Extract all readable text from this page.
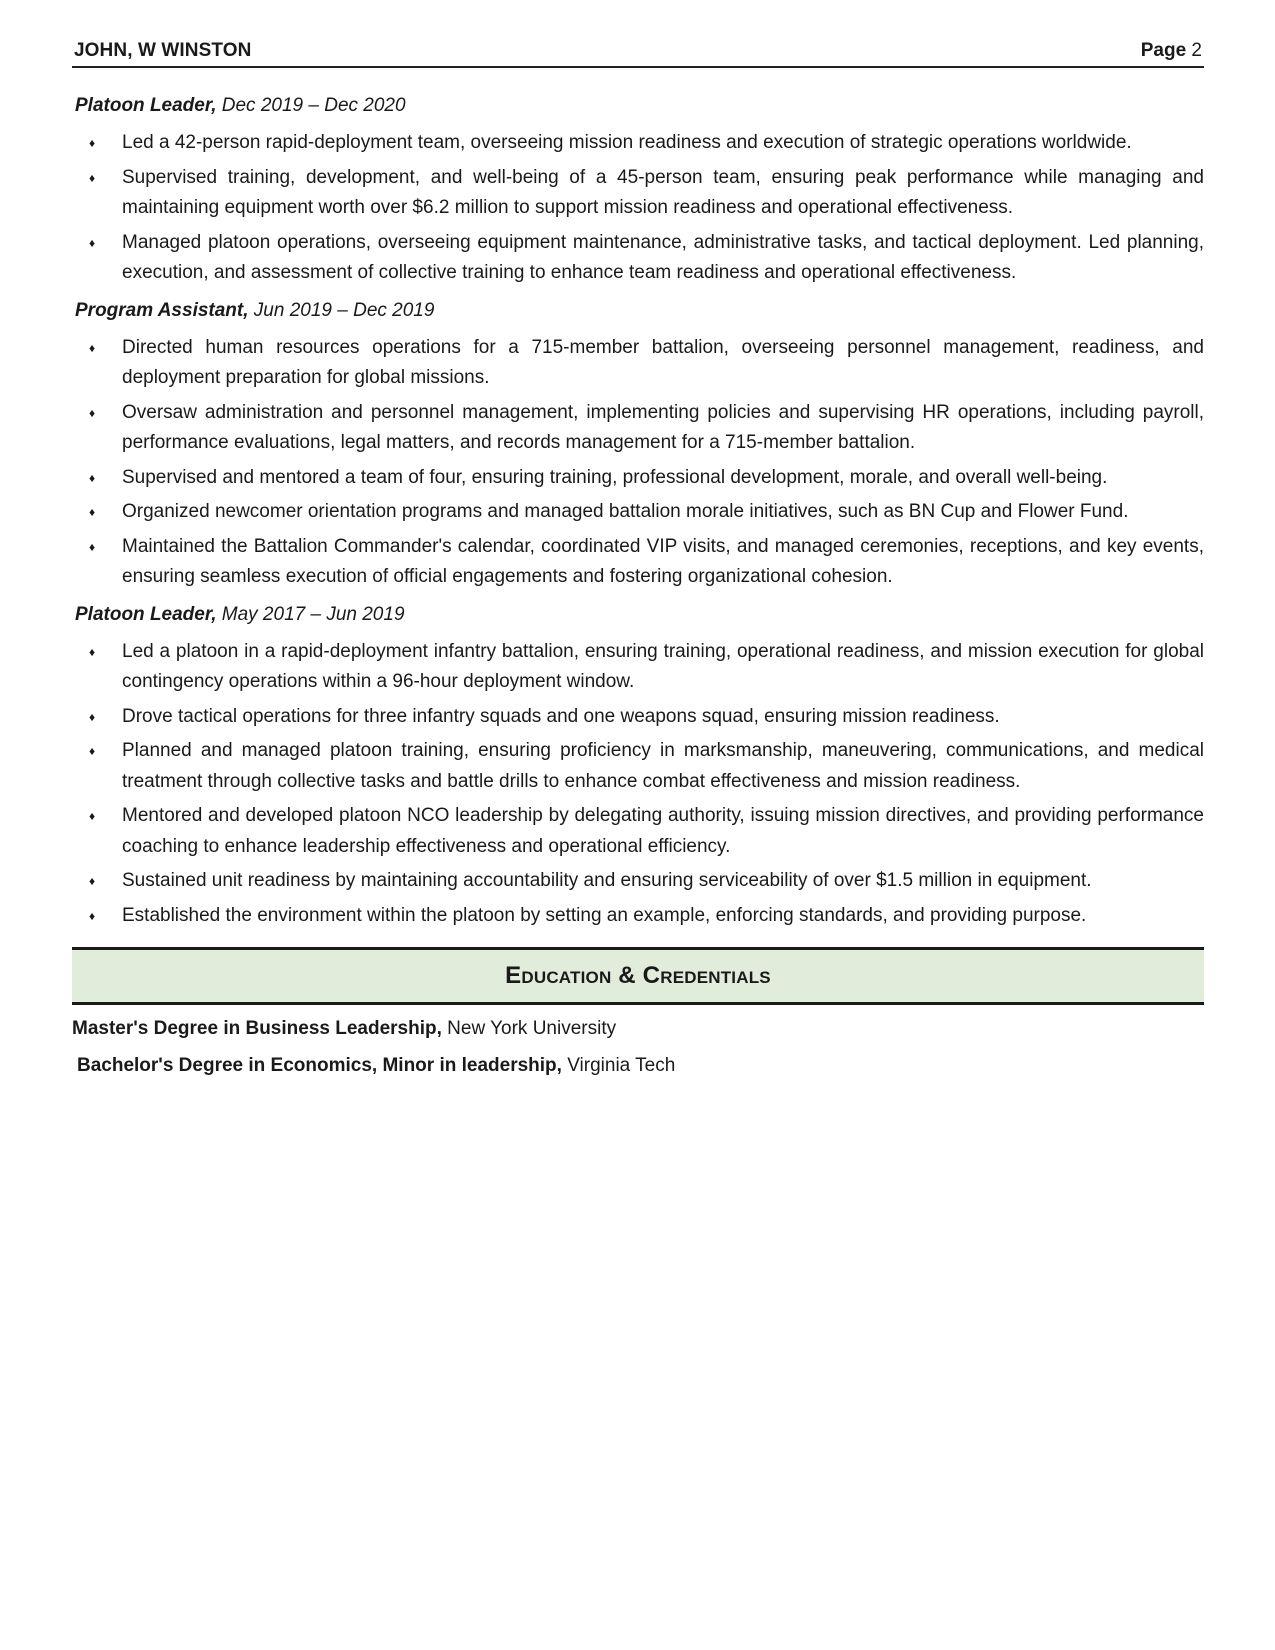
JOHN, W WINSTON	Page 2
Platoon Leader, Dec 2019 – Dec 2020
♦ Led a 42-person rapid-deployment team, overseeing mission readiness and execution of strategic operations worldwide.
♦ Supervised training, development, and well-being of a 45-person team, ensuring peak performance while managing and maintaining equipment worth over $6.2 million to support mission readiness and operational effectiveness.
♦ Managed platoon operations, overseeing equipment maintenance, administrative tasks, and tactical deployment. Led planning, execution, and assessment of collective training to enhance team readiness and operational effectiveness.
Program Assistant, Jun 2019 – Dec 2019
♦ Directed human resources operations for a 715-member battalion, overseeing personnel management, readiness, and deployment preparation for global missions.
♦ Oversaw administration and personnel management, implementing policies and supervising HR operations, including payroll, performance evaluations, legal matters, and records management for a 715-member battalion.
♦ Supervised and mentored a team of four, ensuring training, professional development, morale, and overall well-being.
♦ Organized newcomer orientation programs and managed battalion morale initiatives, such as BN Cup and Flower Fund.
♦ Maintained the Battalion Commander's calendar, coordinated VIP visits, and managed ceremonies, receptions, and key events, ensuring seamless execution of official engagements and fostering organizational cohesion.
Platoon Leader, May 2017 – Jun 2019
♦ Led a platoon in a rapid-deployment infantry battalion, ensuring training, operational readiness, and mission execution for global contingency operations within a 96-hour deployment window.
♦ Drove tactical operations for three infantry squads and one weapons squad, ensuring mission readiness.
♦ Planned and managed platoon training, ensuring proficiency in marksmanship, maneuvering, communications, and medical treatment through collective tasks and battle drills to enhance combat effectiveness and mission readiness.
♦ Mentored and developed platoon NCO leadership by delegating authority, issuing mission directives, and providing performance coaching to enhance leadership effectiveness and operational efficiency.
♦ Sustained unit readiness by maintaining accountability and ensuring serviceability of over $1.5 million in equipment.
♦ Established the environment within the platoon by setting an example, enforcing standards, and providing purpose.
Education & Credentials
Master's Degree in Business Leadership, New York University
Bachelor's Degree in Economics, Minor in leadership, Virginia Tech
